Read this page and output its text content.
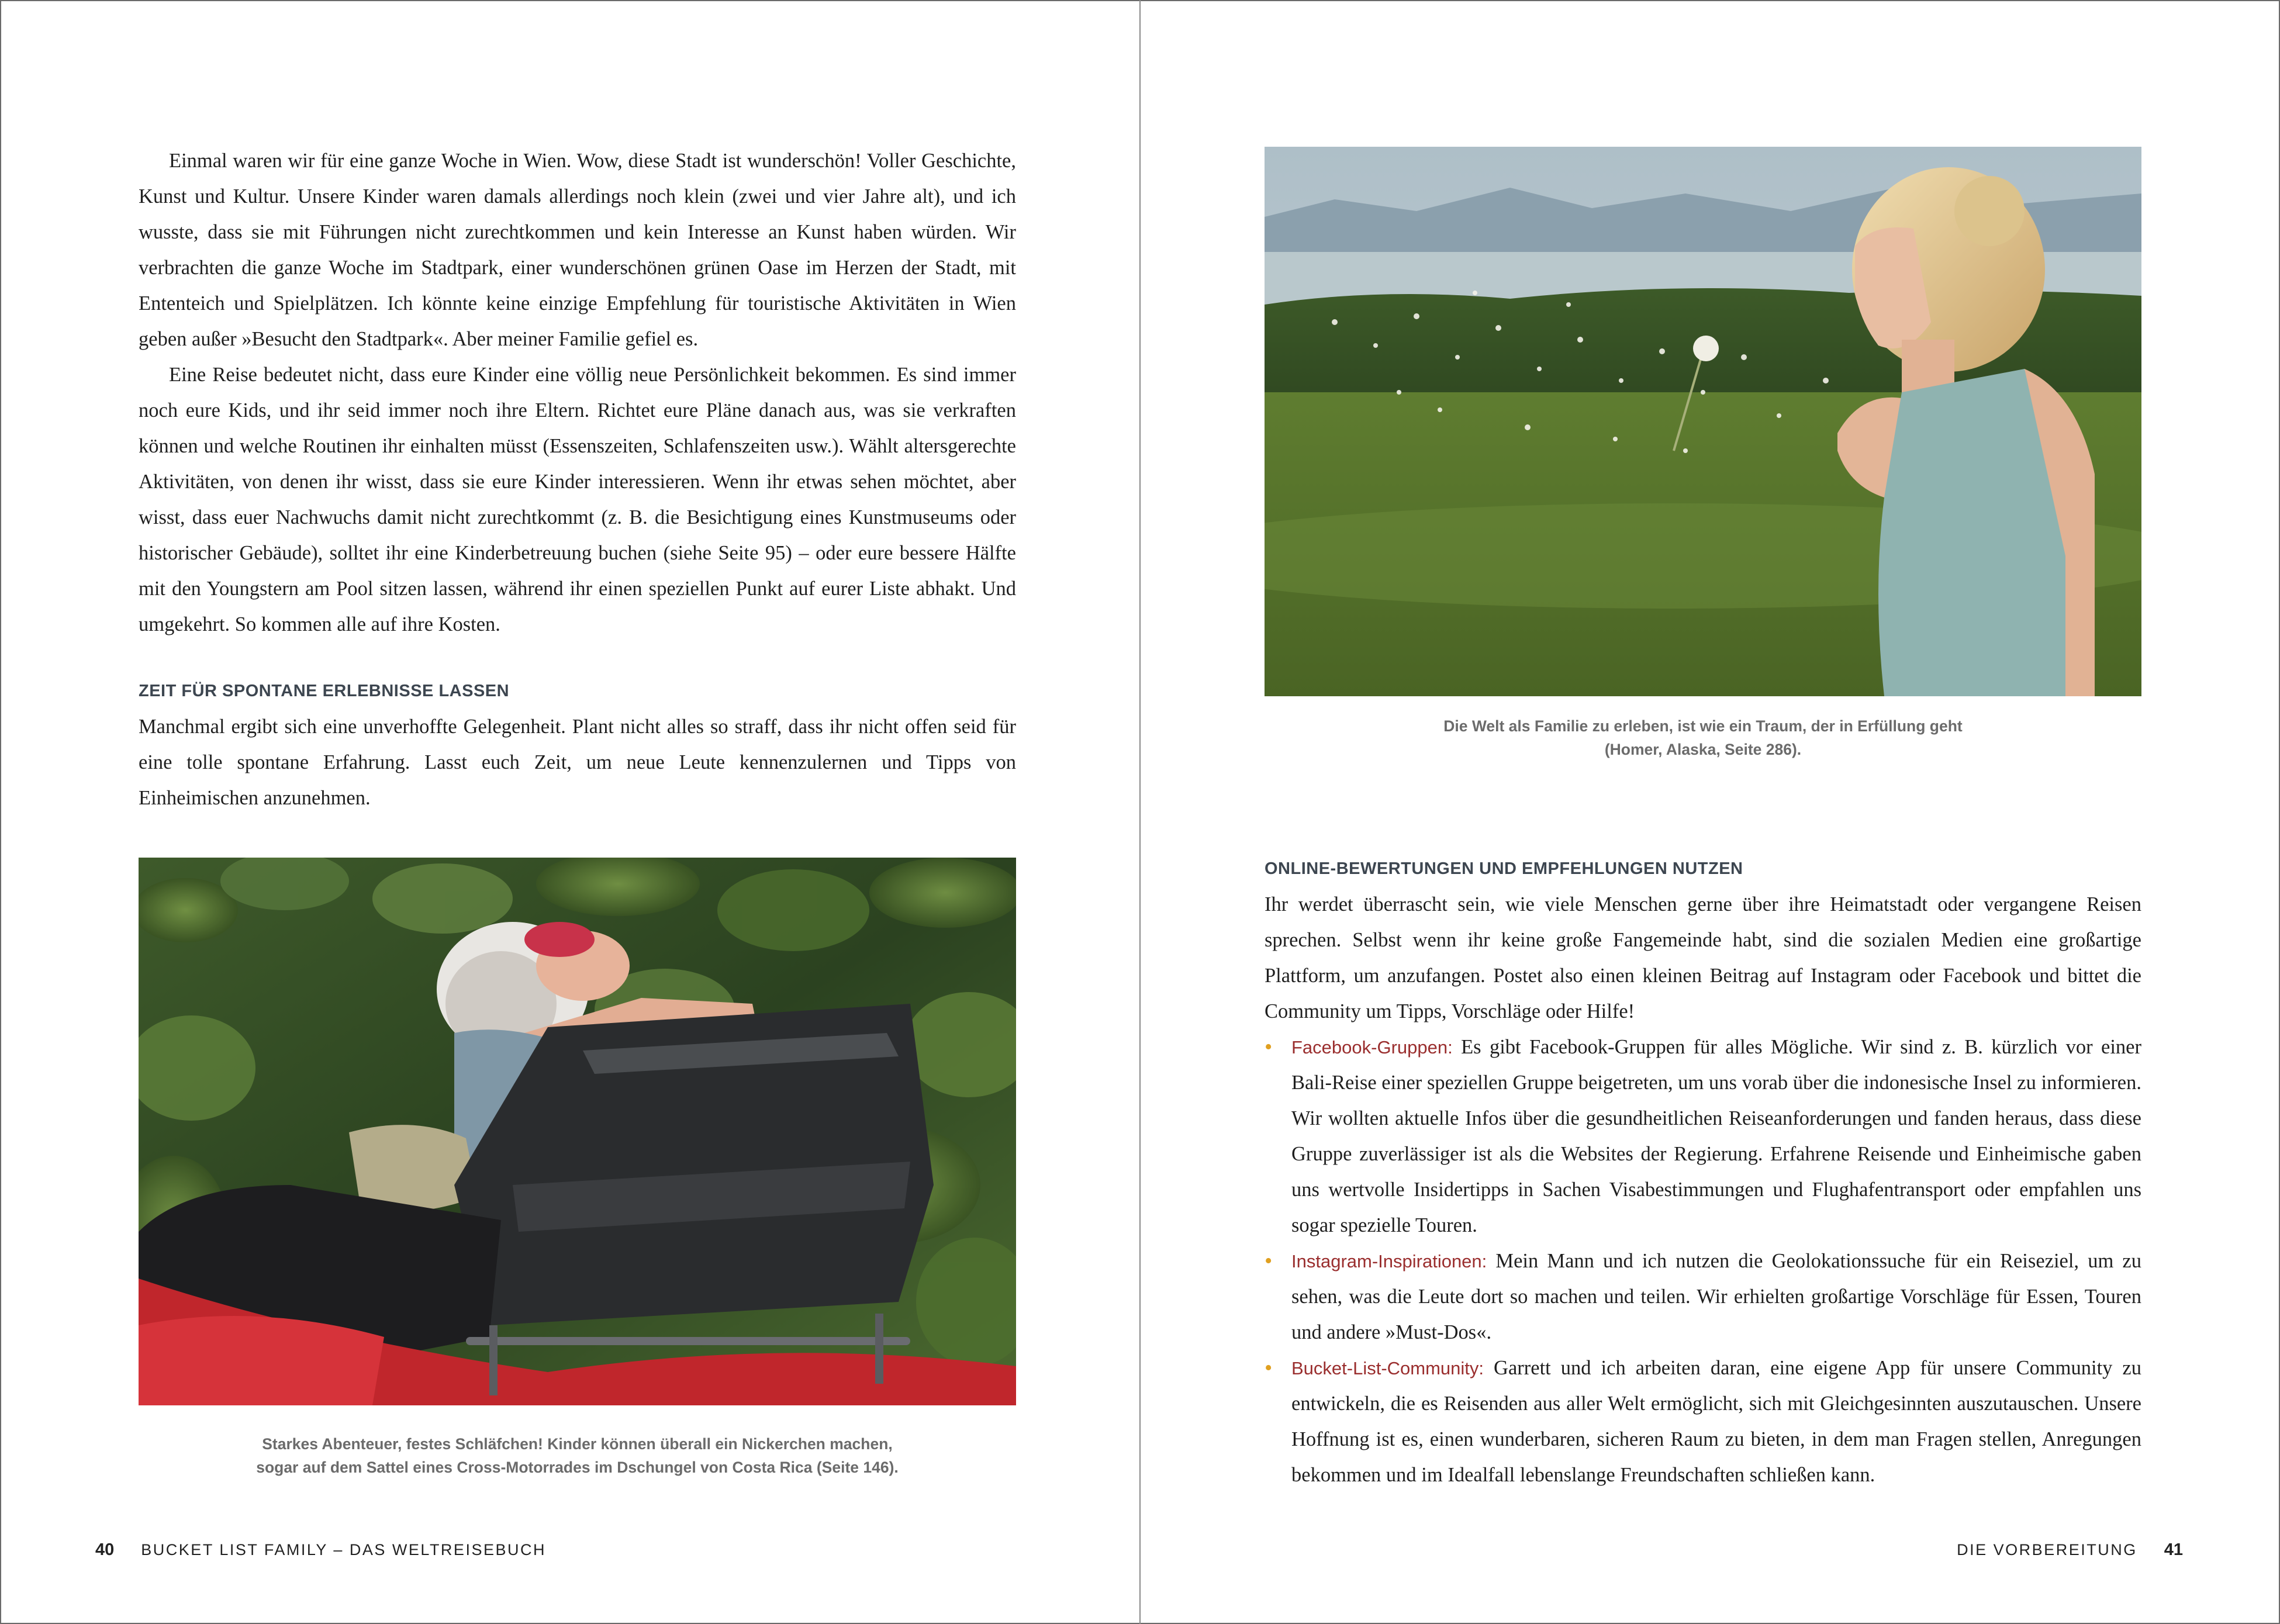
Einmal waren wir für eine ganze Woche in Wien. Wow, diese Stadt ist wunderschön! Voller Geschichte, Kunst und Kultur. Unsere Kinder waren damals allerdings noch klein (zwei und vier Jahre alt), und ich wusste, dass sie mit Führungen nicht zurechtkommen und kein Interesse an Kunst haben würden. Wir verbrachten die ganze Woche im Stadtpark, einer wunderschönen grünen Oase im Herzen der Stadt, mit Ententeich und Spielplätzen. Ich könnte keine einzige Empfehlung für touristische Aktivitäten in Wien geben außer »Besucht den Stadtpark«. Aber meiner Familie gefiel es.

Eine Reise bedeutet nicht, dass eure Kinder eine völlig neue Persönlichkeit bekommen. Es sind immer noch eure Kids, und ihr seid immer noch ihre Eltern. Richtet eure Pläne danach aus, was sie verkraften können und welche Routinen ihr einhalten müsst (Essenszeiten, Schlafenszeiten usw.). Wählt altersgerechte Aktivitäten, von denen ihr wisst, dass sie eure Kinder interessieren. Wenn ihr etwas sehen möchtet, aber wisst, dass euer Nachwuchs damit nicht zurechtkommt (z. B. die Besichtigung eines Kunstmuseums oder historischer Gebäude), solltet ihr eine Kinderbetreuung buchen (siehe Seite 95) – oder eure bessere Hälfte mit den Youngstern am Pool sitzen lassen, während ihr einen speziellen Punkt auf eurer Liste abhakt. Und umgekehrt. So kommen alle auf ihre Kosten.

ZEIT FÜR SPONTANE ERLEBNISSE LASSEN

Manchmal ergibt sich eine unverhoffte Gelegenheit. Plant nicht alles so straff, dass ihr nicht offen seid für eine tolle spontane Erfahrung. Lasst euch Zeit, um neue Leute kennenzulernen und Tipps von Einheimischen anzunehmen.

Starkes Abenteuer, festes Schläfchen! Kinder können überall ein Nickerchen machen,
sogar auf dem Sattel eines Cross-Motorrades im Dschungel von Costa Rica (Seite 146).

40 BUCKET LIST FAMILY – DAS WELTREISEBUCH

Die Welt als Familie zu erleben, ist wie ein Traum, der in Erfüllung geht
(Homer, Alaska, Seite 286).

ONLINE-BEWERTUNGEN UND EMPFEHLUNGEN NUTZEN

Ihr werdet überrascht sein, wie viele Menschen gerne über ihre Heimatstadt oder vergangene Reisen sprechen. Selbst wenn ihr keine große Fangemeinde habt, sind die sozialen Medien eine großartige Plattform, um anzufangen. Postet also einen kleinen Beitrag auf Instagram oder Facebook und bittet die Community um Tipps, Vorschläge oder Hilfe!

• Facebook-Gruppen: Es gibt Facebook-Gruppen für alles Mögliche. Wir sind z. B. kürzlich vor einer Bali-Reise einer speziellen Gruppe beigetreten, um uns vorab über die indonesische Insel zu informieren. Wir wollten aktuelle Infos über die gesundheitlichen Reiseanforderungen und fanden heraus, dass diese Gruppe zuverlässiger ist als die Websites der Regierung. Erfahrene Reisende und Einheimische gaben uns wertvolle Insidertipps in Sachen Visabestimmungen und Flughafentransport oder empfahlen uns sogar spezielle Touren.
• Instagram-Inspirationen: Mein Mann und ich nutzen die Geolokationssuche für ein Reiseziel, um zu sehen, was die Leute dort so machen und teilen. Wir erhielten großartige Vorschläge für Essen, Touren und andere »Must-Dos«.
• Bucket-List-Community: Garrett und ich arbeiten daran, eine eigene App für unsere Community zu entwickeln, die es Reisenden aus aller Welt ermöglicht, sich mit Gleichgesinnten auszutauschen. Unsere Hoffnung ist es, einen wunderbaren, sicheren Raum zu bieten, in dem man Fragen stellen, Anregungen bekommen und im Idealfall lebenslange Freundschaften schließen kann.
DIE VORBEREITUNG 41
